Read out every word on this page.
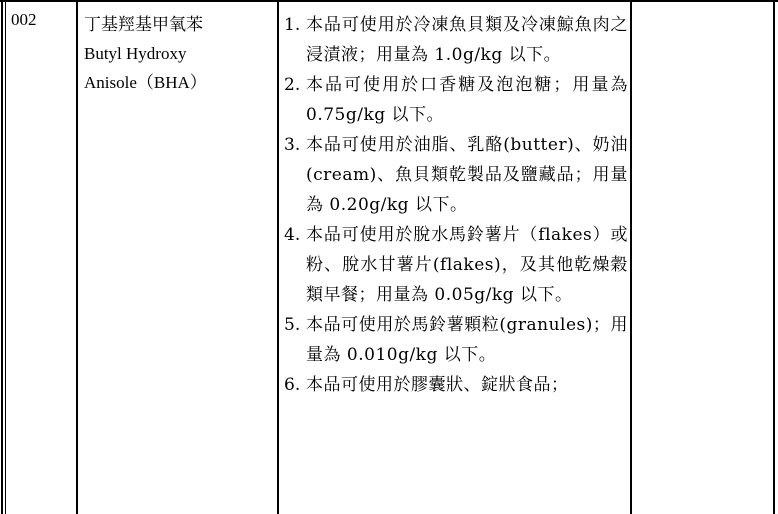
002	丁基羥基甲氧苯
Butyl Hydroxy
Anisole（BHA）
1. 本品可使用於冷凍魚貝類及冷凍鯨魚肉之浸漬液；用量為 1.0g/kg 以下。
2. 本品可使用於口香糖及泡泡糖；用量為 0.75g/kg 以下。
3. 本品可使用於油脂、乳酪(butter)、奶油(cream)、魚貝類乾製品及鹽藏品；用量為 0.20g/kg 以下。
4. 本品可使用於脫水馬鈴薯片（flakes）或粉、脫水甘薯片(flakes)，及其他乾燥穀類早餐；用量為 0.05g/kg 以下。
5. 本品可使用於馬鈴薯顆粒(granules)；用量為 0.010g/kg 以下。
6. 本品可使用於膠囊狀、錠狀食品；
